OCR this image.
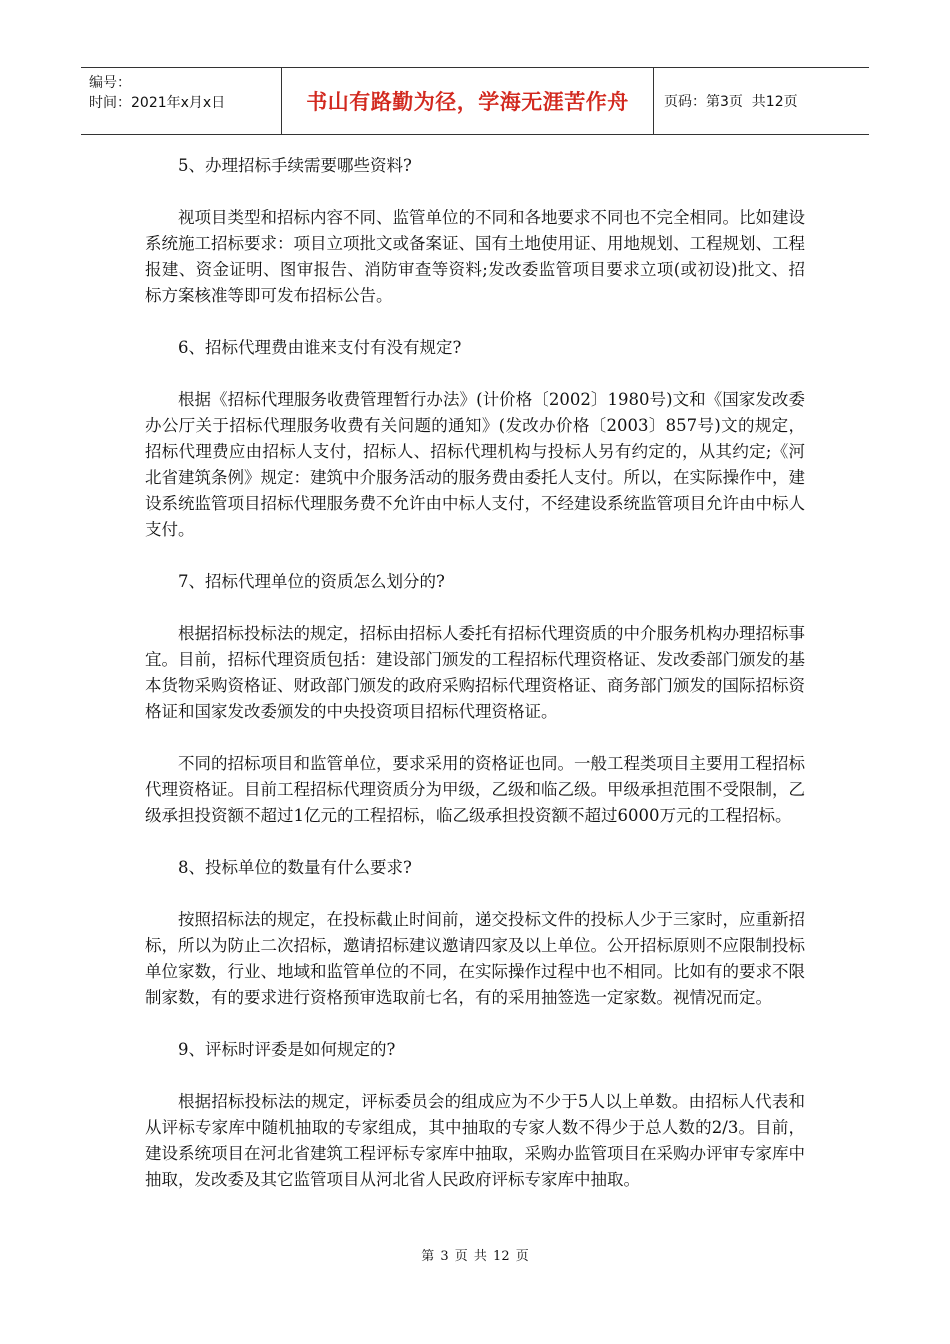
编号：
时间：2021年x月x日	书山有路勤为径，学海无涯苦作舟	页码：第3页  共12页

5、办理招标手续需要哪些资料?

视项目类型和招标内容不同、监管单位的不同和各地要求不同也不完全相同。比如建设系统施工招标要求：项目立项批文或备案证、国有土地使用证、用地规划、工程规划、工程报建、资金证明、图审报告、消防审查等资料;发改委监管项目要求立项(或初设)批文、招标方案核准等即可发布招标公告。

6、招标代理费由谁来支付有没有规定?

根据《招标代理服务收费管理暂行办法》(计价格〔2002〕1980号)文和《国家发改委办公厅关于招标代理服务收费有关问题的通知》(发改办价格〔2003〕857号)文的规定，招标代理费应由招标人支付，招标人、招标代理机构与投标人另有约定的，从其约定;《河北省建筑条例》规定：建筑中介服务活动的服务费由委托人支付。所以，在实际操作中，建设系统监管项目招标代理服务费不允许由中标人支付，不经建设系统监管项目允许由中标人支付。

7、招标代理单位的资质怎么划分的?

根据招标投标法的规定，招标由招标人委托有招标代理资质的中介服务机构办理招标事宜。目前，招标代理资质包括：建设部门颁发的工程招标代理资格证、发改委部门颁发的基本货物采购资格证、财政部门颁发的政府采购招标代理资格证、商务部门颁发的国际招标资格证和国家发改委颁发的中央投资项目招标代理资格证。

不同的招标项目和监管单位，要求采用的资格证也同。一般工程类项目主要用工程招标代理资格证。目前工程招标代理资质分为甲级，乙级和临乙级。甲级承担范围不受限制，乙级承担投资额不超过1亿元的工程招标，临乙级承担投资额不超过6000万元的工程招标。

8、投标单位的数量有什么要求?

按照招标法的规定，在投标截止时间前，递交投标文件的投标人少于三家时，应重新招标，所以为防止二次招标，邀请招标建议邀请四家及以上单位。公开招标原则不应限制投标单位家数，行业、地域和监管单位的不同，在实际操作过程中也不相同。比如有的要求不限制家数，有的要求进行资格预审选取前七名，有的采用抽签选一定家数。视情况而定。

9、评标时评委是如何规定的?

根据招标投标法的规定，评标委员会的组成应为不少于5人以上单数。由招标人代表和从评标专家库中随机抽取的专家组成，其中抽取的专家人数不得少于总人数的2/3。目前，建设系统项目在河北省建筑工程评标专家库中抽取，采购办监管项目在采购办评审专家库中抽取，发改委及其它监管项目从河北省人民政府评标专家库中抽取。

第 3 页 共 12 页
